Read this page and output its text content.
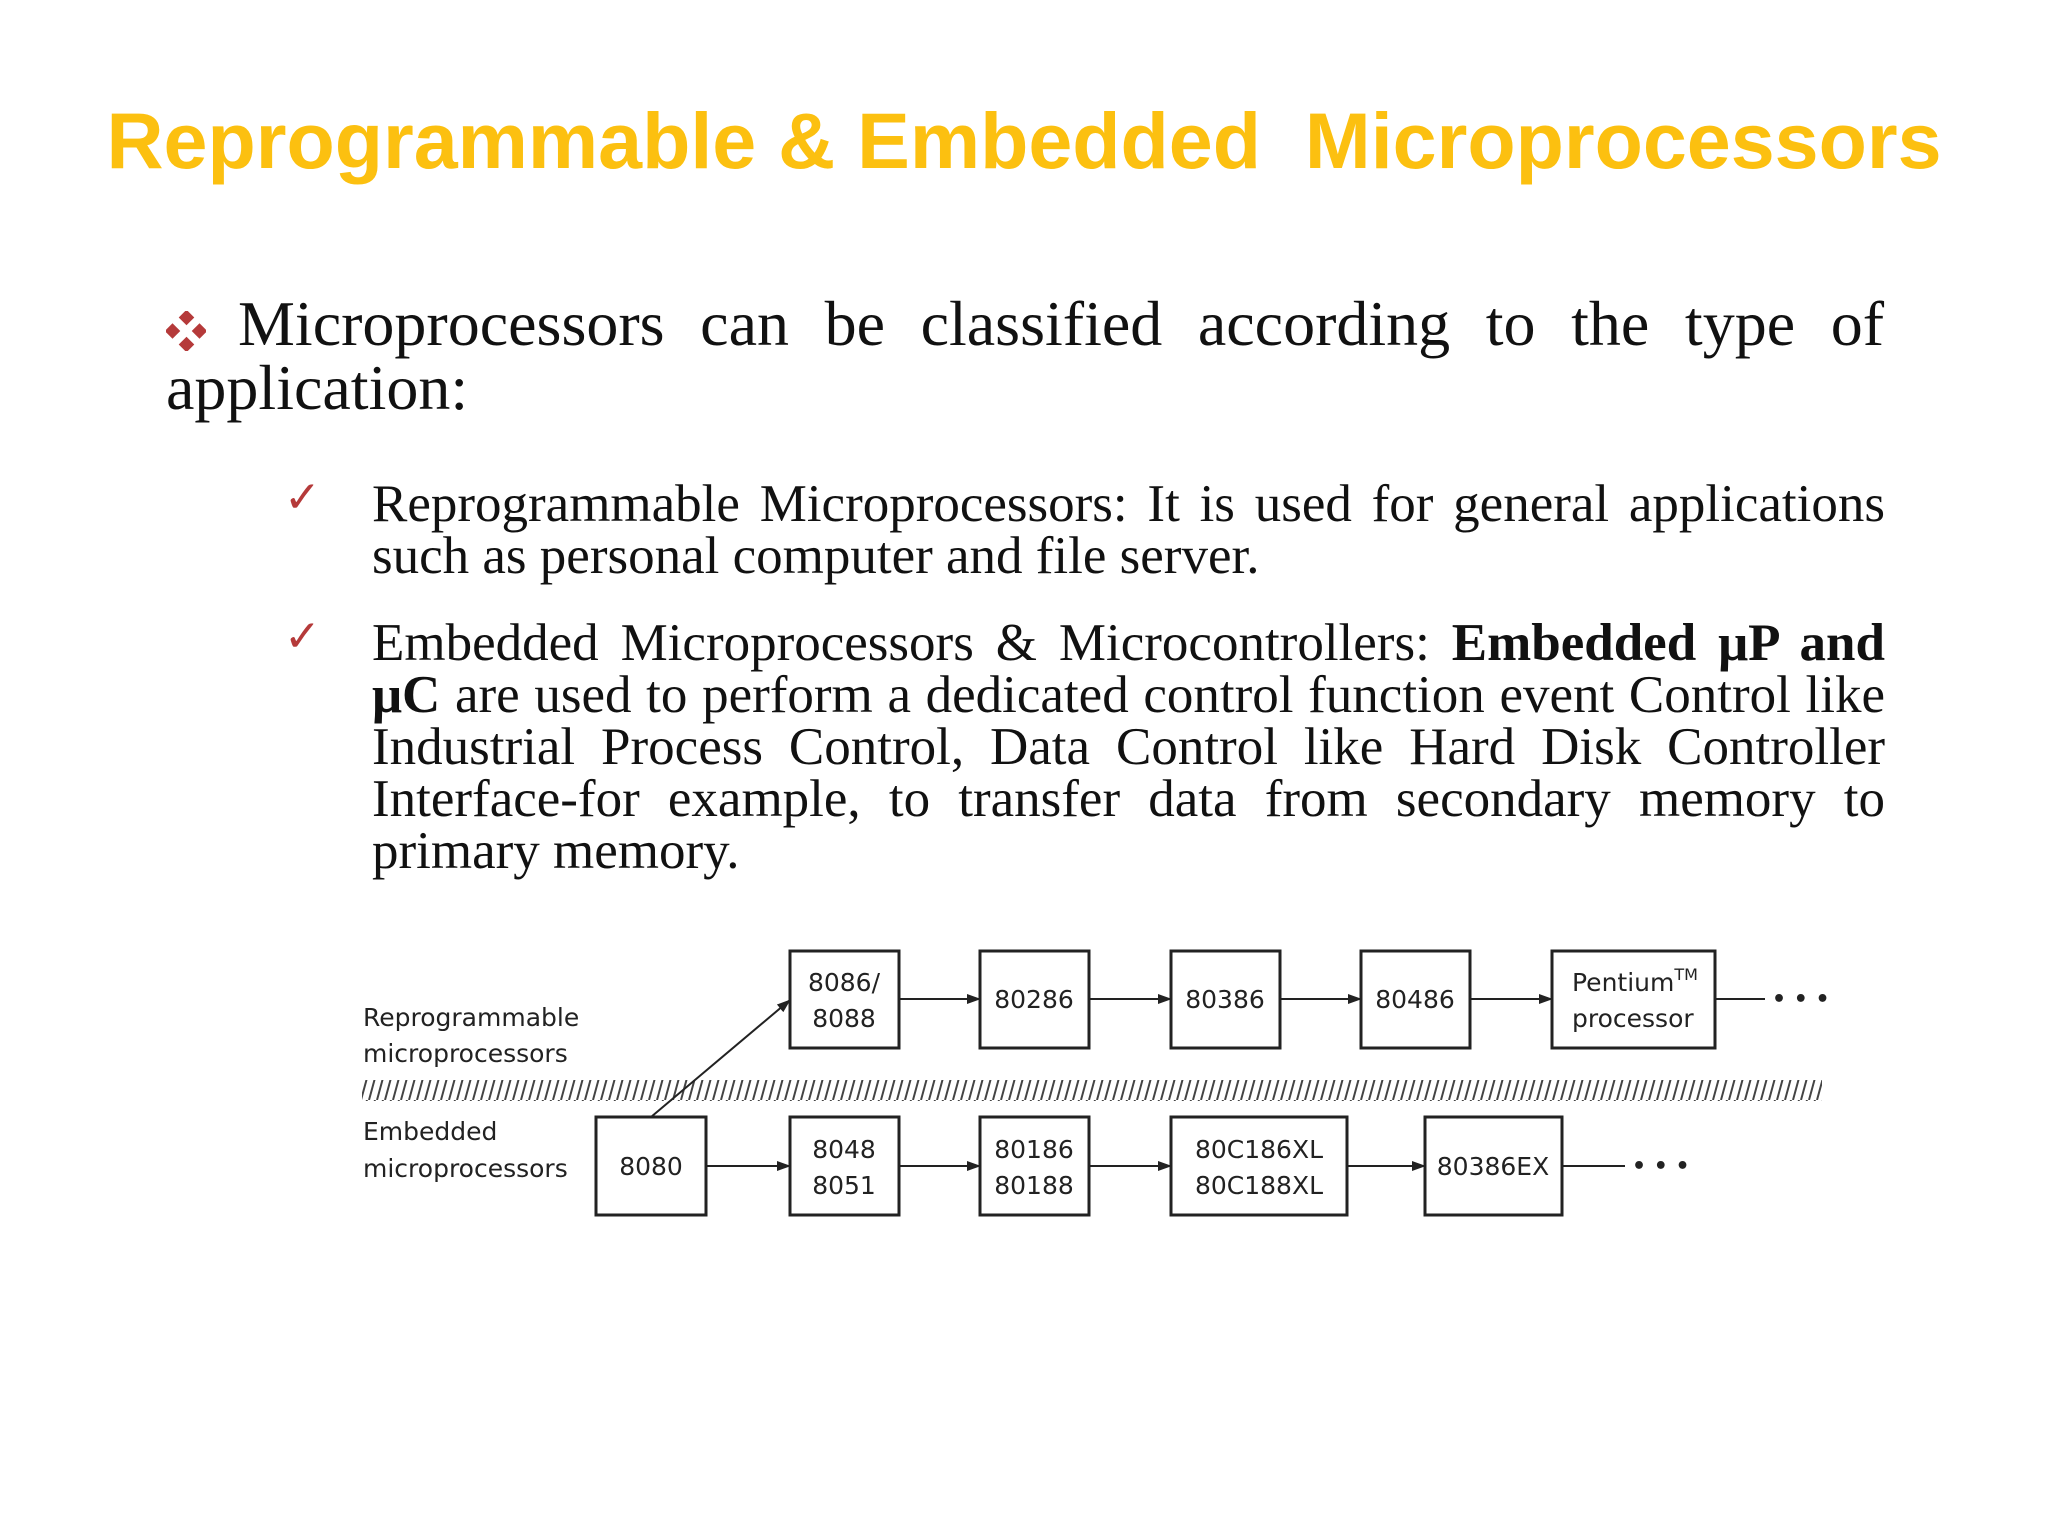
Reprogrammable & Embedded  Microprocessors
Microprocessors can be classified according to the type of application:
✓ Reprogrammable Microprocessors: It is used for general applications such as personal computer and file server.
✓ Embedded Microprocessors & Microcontrollers: Embedded μP and μC are used to perform a dedicated control function event Control like Industrial Process Control, Data Control like Hard Disk Controller Interface-for example, to transfer data from secondary memory to primary memory.
Reprogrammable
microprocessors
Embedded
microprocessors
8086/
8088
80286	80386	80486
Pentium™
processor
• • •
8080
8048
8051
80186
80188
80C186XL
80C188XL
80386EX	• • •
